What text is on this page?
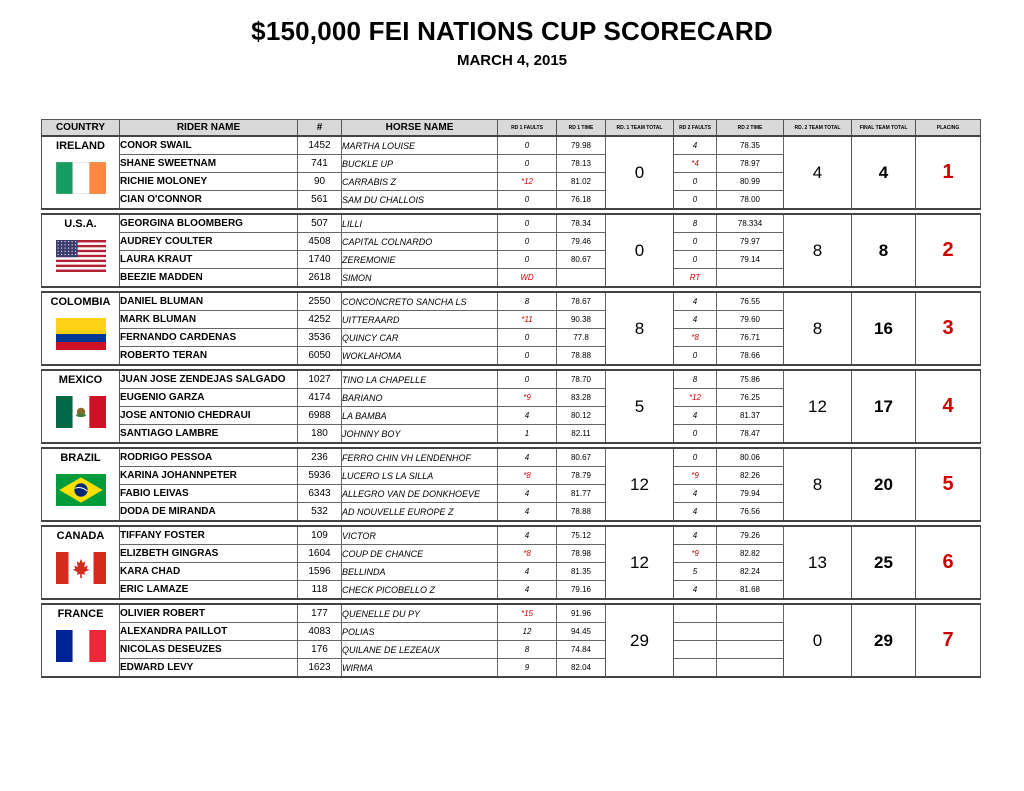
$150,000 FEI NATIONS CUP SCORECARD
MARCH 4, 2015
COUNTRY	RIDER NAME	#	HORSE NAME	RD 1 FAULTS	RD 1 TIME	RD. 1 TEAM TOTAL	RD 2 FAULTS	RD 2 TIME	RD. 2 TEAM TOTAL	FINAL TEAM TOTAL	PLACING

IRELAND	CONOR SWAIL	1452	MARTHA LOUISE	0	79.98	0	4	78.35	4	4	1
	SHANE SWEETNAM	741	BUCKLE UP	0	78.13		*4	78.97			
	RICHIE MOLONEY	90	CARRABIS Z	*12	81.02		0	80.99			
	CIAN O'CONNOR	561	SAM DU CHALLOIS	0	76.18		0	78.00			

U.S.A.	GEORGINA BLOOMBERG	507	LILLI	0	78.34	0	8	78.334	8	8	2
	AUDREY COULTER	4508	CAPITAL COLNARDO	0	79.46		0	79.97			
	LAURA KRAUT	1740	ZEREMONIE	0	80.67		0	79.14			
	BEEZIE MADDEN	2618	SIMON	WD			RT				

COLOMBIA	DANIEL BLUMAN	2550	CONCONCRETO SANCHA LS	8	78.67	8	4	76.55	8	16	3
	MARK BLUMAN	4252	UITTERAARD	*11	90.38		4	79.60			
	FERNANDO CARDENAS	3536	QUINCY CAR	0	77.8		*8	76.71			
	ROBERTO TERAN	6050	WOKLAHOMA	0	78.88		0	78.66			

MEXICO	JUAN JOSE ZENDEJAS SALGADO	1027	TINO LA CHAPELLE	0	78.70	5	8	75.86	12	17	4
	EUGENIO GARZA	4174	BARIANO	*9	83.28		*12	76.25			
	JOSE ANTONIO CHEDRAUI	6988	LA BAMBA	4	80.12		4	81.37			
	SANTIAGO LAMBRE	180	JOHNNY BOY	1	82.11		0	78.47			

BRAZIL	RODRIGO PESSOA	236	FERRO CHIN VH LENDENHOF	4	80.67	12	0	80.06	8	20	5
	KARINA JOHANNPETER	5936	LUCERO LS LA SILLA	*8	78.79		*9	82.26			
	FABIO LEIVAS	6343	ALLEGRO VAN DE DONKHOEVE	4	81.77		4	79.94			
	DODA DE MIRANDA	532	AD NOUVELLE EUROPE Z	4	78.88		4	76.56			

CANADA	TIFFANY FOSTER	109	VICTOR	4	75.12	12	4	79.26	13	25	6
	ELIZBETH GINGRAS	1604	COUP DE CHANCE	*8	78.98		*9	82.82			
	KARA CHAD	1596	BELLINDA	4	81.35		5	82.24			
	ERIC LAMAZE	118	CHECK PICOBELLO Z	4	79.16		4	81.68			

FRANCE	OLIVIER ROBERT	177	QUENELLE DU PY	*15	91.96	29			0	29	7
	ALEXANDRA PAILLOT	4083	POLIAS	12	94.45						
	NICOLAS DESEUZES	176	QUILANE DE LEZEAUX	8	74.84						
	EDWARD LEVY	1623	WIRMA	9	82.04						
